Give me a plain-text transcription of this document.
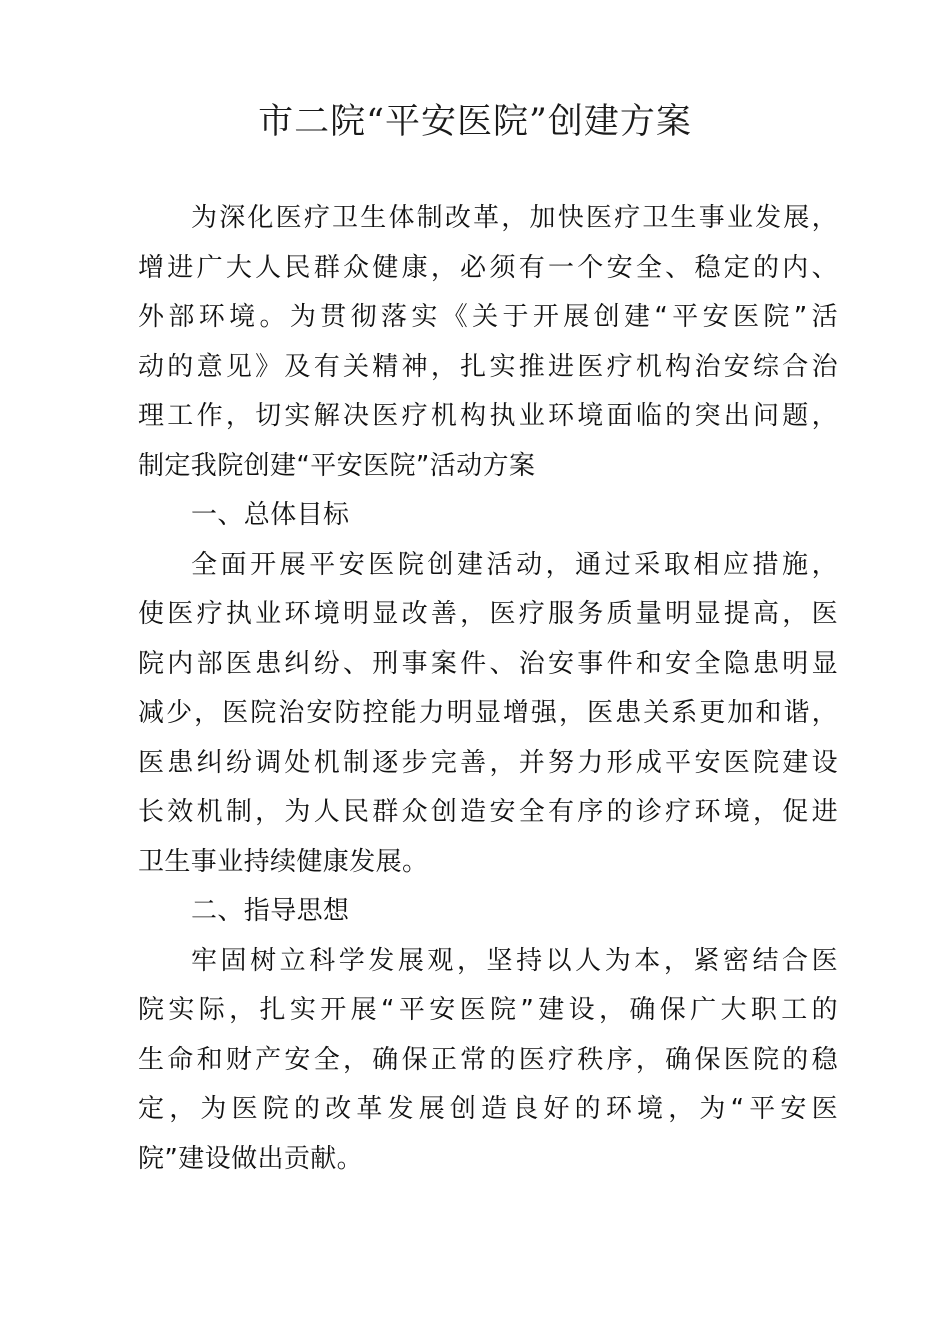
市二院“平安医院”创建方案
为深化医疗卫生体制改革，加快医疗卫生事业发展，
增进广大人民群众健康，必须有一个安全、稳定的内、
外部环境。为贯彻落实《关于开展创建“平安医院”活
动的意见》及有关精神，扎实推进医疗机构治安综合治
理工作，切实解决医疗机构执业环境面临的突出问题，
制定我院创建“平安医院”活动方案
一、总体目标
全面开展平安医院创建活动，通过采取相应措施，
使医疗执业环境明显改善，医疗服务质量明显提高，医
院内部医患纠纷、刑事案件、治安事件和安全隐患明显
减少，医院治安防控能力明显增强，医患关系更加和谐，
医患纠纷调处机制逐步完善，并努力形成平安医院建设
长效机制，为人民群众创造安全有序的诊疗环境，促进
卫生事业持续健康发展。
二、指导思想
牢固树立科学发展观，坚持以人为本，紧密结合医
院实际，扎实开展“平安医院”建设，确保广大职工的
生命和财产安全，确保正常的医疗秩序，确保医院的稳
定，为医院的改革发展创造良好的环境，为“平安医
院”建设做出贡献。
